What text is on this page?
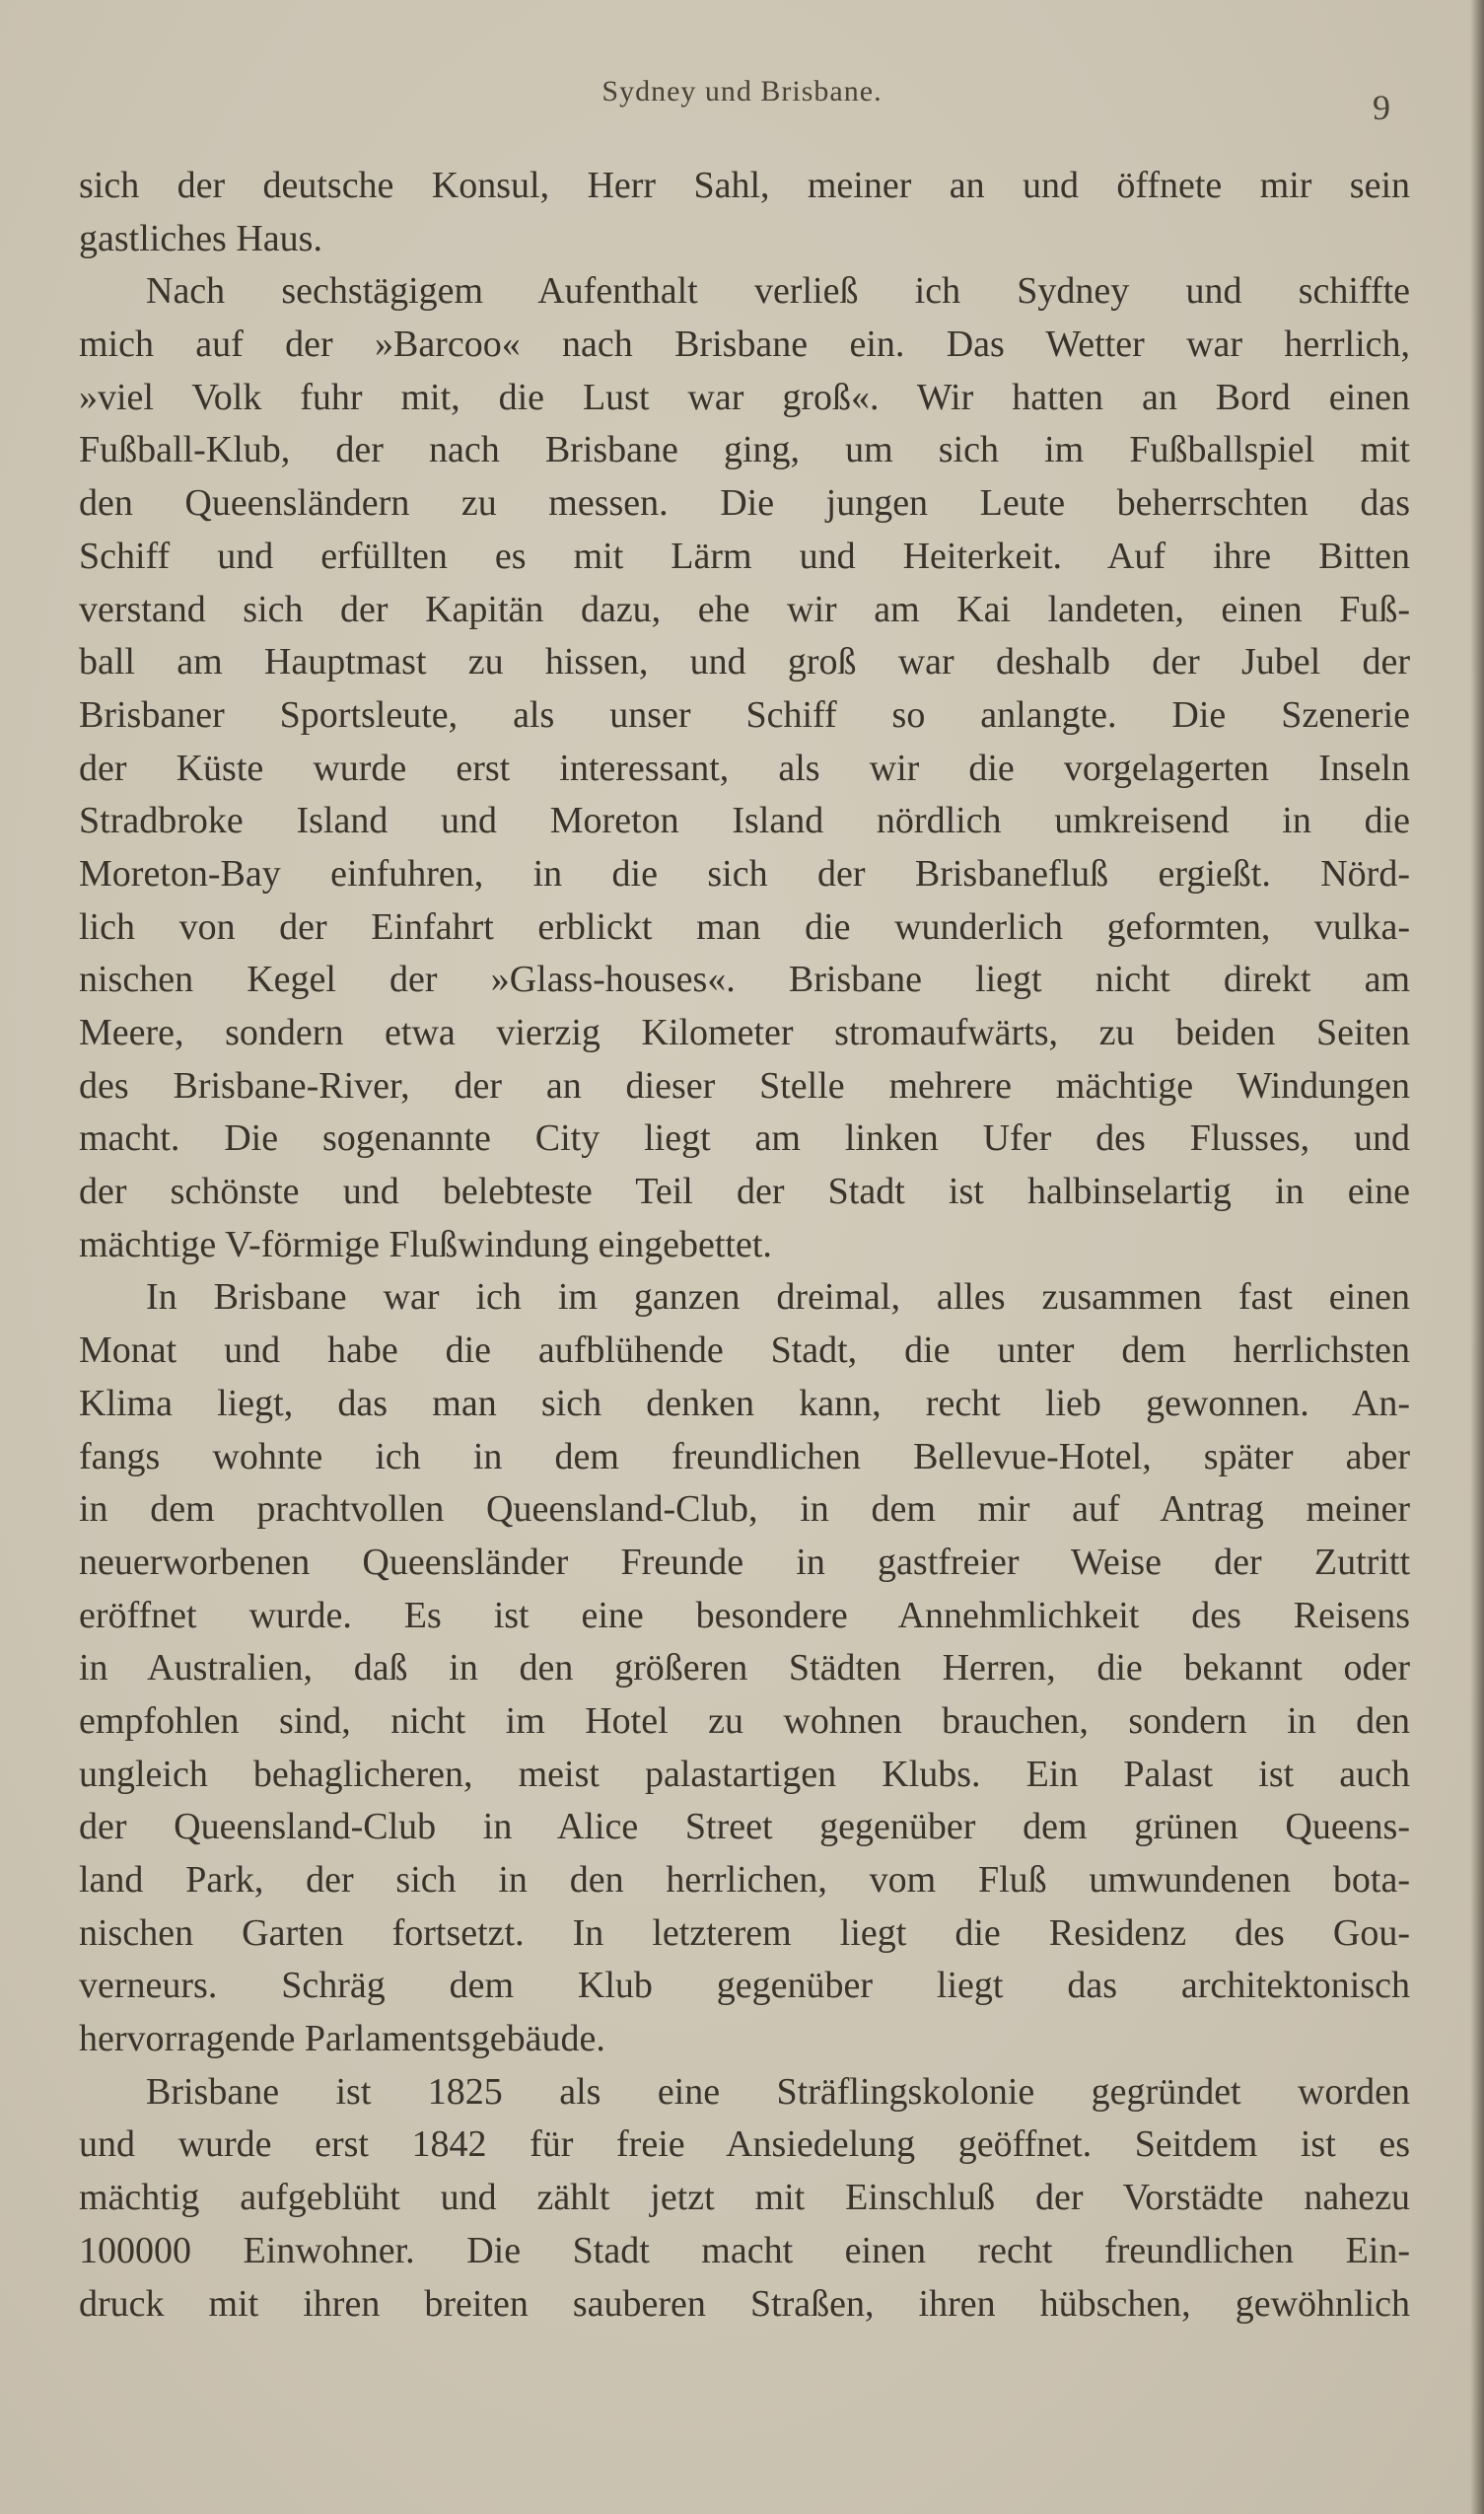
Sydney und Brisbane.	9
sich der deutsche Konsul, Herr Sahl, meiner an und öffnete mir sein
gastliches Haus.
Nach sechstägigem Aufenthalt verließ ich Sydney und schiffte
mich auf der »Barcoo« nach Brisbane ein. Das Wetter war herrlich,
»viel Volk fuhr mit, die Lust war groß«. Wir hatten an Bord einen
Fußball-Klub, der nach Brisbane ging, um sich im Fußballspiel mit
den Queensländern zu messen. Die jungen Leute beherrschten das
Schiff und erfüllten es mit Lärm und Heiterkeit. Auf ihre Bitten
verstand sich der Kapitän dazu, ehe wir am Kai landeten, einen Fuß-
ball am Hauptmast zu hissen, und groß war deshalb der Jubel der
Brisbaner Sportsleute, als unser Schiff so anlangte. Die Szenerie
der Küste wurde erst interessant, als wir die vorgelagerten Inseln
Stradbroke Island und Moreton Island nördlich umkreisend in die
Moreton-Bay einfuhren, in die sich der Brisbanefluß ergießt. Nörd-
lich von der Einfahrt erblickt man die wunderlich geformten, vulka-
nischen Kegel der »Glass-houses«. Brisbane liegt nicht direkt am
Meere, sondern etwa vierzig Kilometer stromaufwärts, zu beiden Seiten
des Brisbane-River, der an dieser Stelle mehrere mächtige Windungen
macht. Die sogenannte City liegt am linken Ufer des Flusses, und
der schönste und belebteste Teil der Stadt ist halbinselartig in eine
mächtige V-förmige Flußwindung eingebettet.
In Brisbane war ich im ganzen dreimal, alles zusammen fast einen
Monat und habe die aufblühende Stadt, die unter dem herrlichsten
Klima liegt, das man sich denken kann, recht lieb gewonnen. An-
fangs wohnte ich in dem freundlichen Bellevue-Hotel, später aber
in dem prachtvollen Queensland-Club, in dem mir auf Antrag meiner
neuerworbenen Queensländer Freunde in gastfreier Weise der Zutritt
eröffnet wurde. Es ist eine besondere Annehmlichkeit des Reisens
in Australien, daß in den größeren Städten Herren, die bekannt oder
empfohlen sind, nicht im Hotel zu wohnen brauchen, sondern in den
ungleich behaglicheren, meist palastartigen Klubs. Ein Palast ist auch
der Queensland-Club in Alice Street gegenüber dem grünen Queens-
land Park, der sich in den herrlichen, vom Fluß umwundenen bota-
nischen Garten fortsetzt. In letzterem liegt die Residenz des Gou-
verneurs. Schräg dem Klub gegenüber liegt das architektonisch
hervorragende Parlamentsgebäude.
Brisbane ist 1825 als eine Sträflingskolonie gegründet worden
und wurde erst 1842 für freie Ansiedelung geöffnet. Seitdem ist es
mächtig aufgeblüht und zählt jetzt mit Einschluß der Vorstädte nahezu
100000 Einwohner. Die Stadt macht einen recht freundlichen Ein-
druck mit ihren breiten sauberen Straßen, ihren hübschen, gewöhnlich
